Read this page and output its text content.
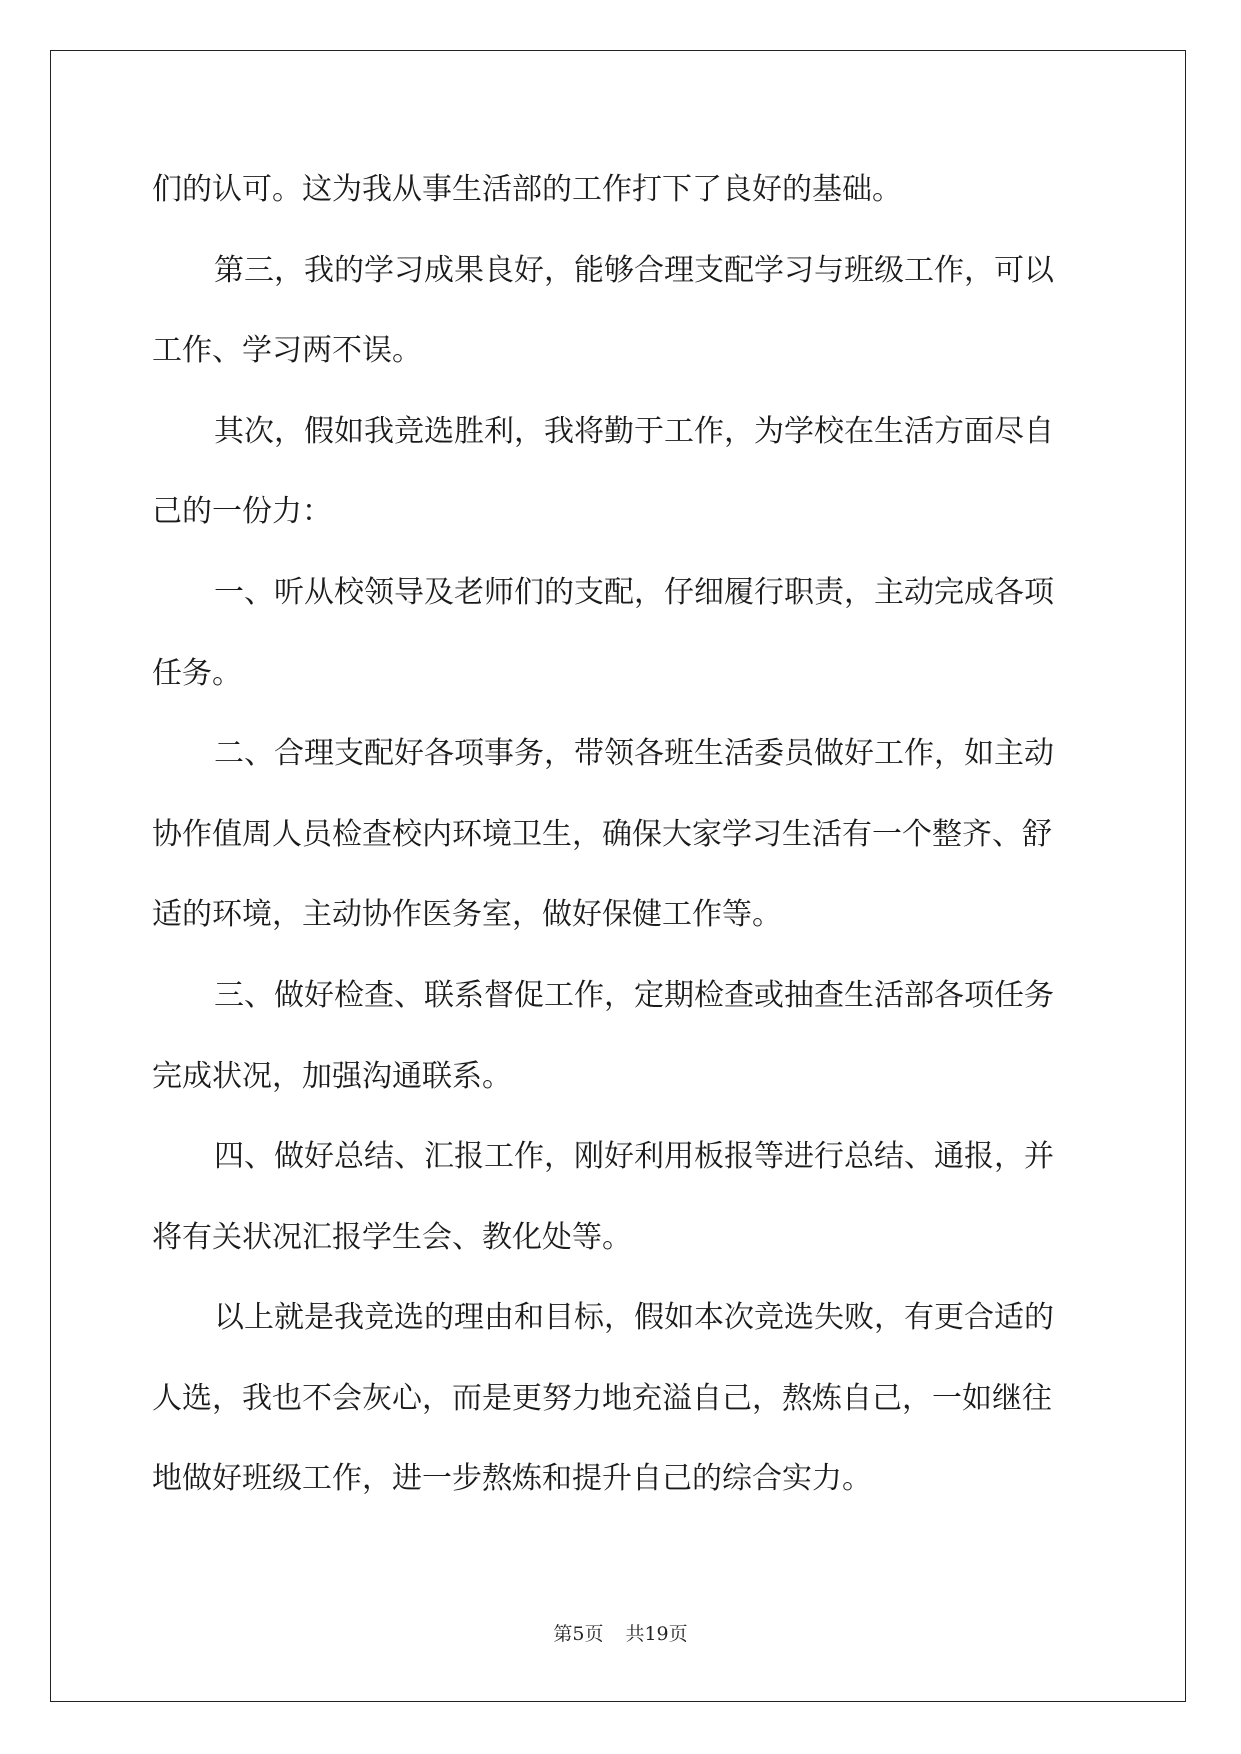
们的认可。这为我从事生活部的工作打下了良好的基础。
第三，我的学习成果良好，能够合理支配学习与班级工作，可以
工作、学习两不误。
其次，假如我竞选胜利，我将勤于工作，为学校在生活方面尽自
己的一份力：
一、听从校领导及老师们的支配，仔细履行职责，主动完成各项
任务。
二、合理支配好各项事务，带领各班生活委员做好工作，如主动
协作值周人员检查校内环境卫生，确保大家学习生活有一个整齐、舒
适的环境，主动协作医务室，做好保健工作等。
三、做好检查、联系督促工作，定期检查或抽查生活部各项任务
完成状况，加强沟通联系。
四、做好总结、汇报工作，刚好利用板报等进行总结、通报，并
将有关状况汇报学生会、教化处等。
以上就是我竞选的理由和目标，假如本次竞选失败，有更合适的
人选，我也不会灰心，而是更努力地充溢自己，熬炼自己，一如继往
地做好班级工作，进一步熬炼和提升自己的综合实力。
第5页 共19页
